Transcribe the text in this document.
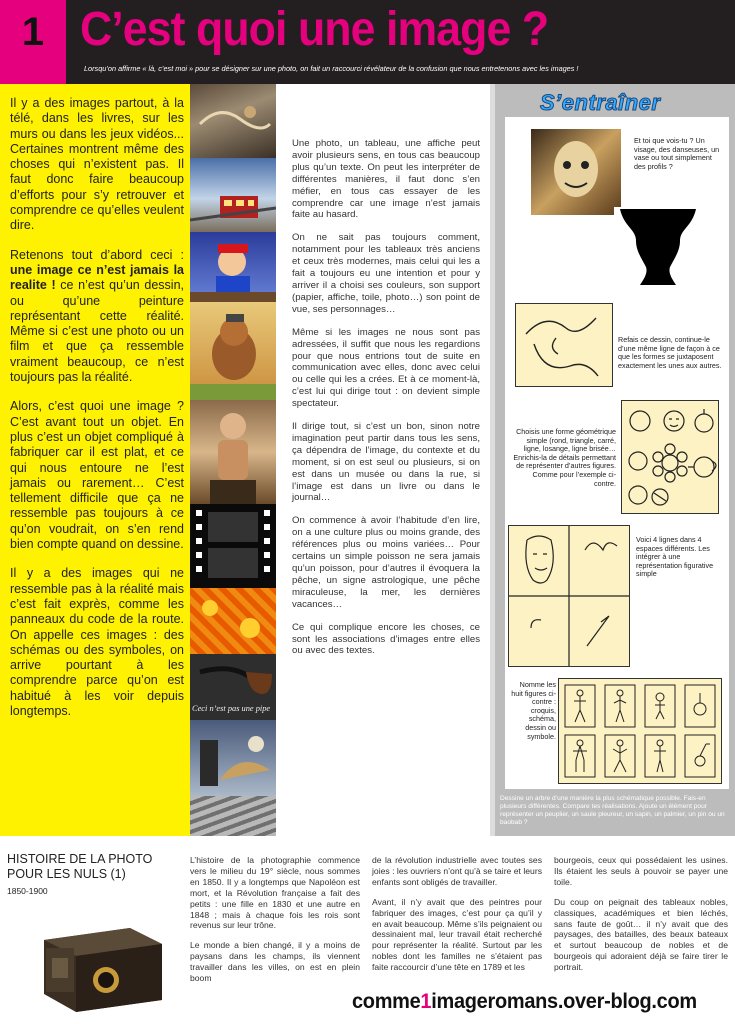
1 C’est quoi une image ?
Lorsqu’on affirme « là, c’est moi » pour se désigner sur une photo, on fait un raccourci révélateur de la confusion que nous entretenons avec les images !

Il y a des images partout, à la télé, dans les livres, sur les murs ou dans les jeux vidéos... Certaines montrent même des choses qui n’existent pas. Il faut donc faire beaucoup d’efforts pour s’y retrouver et comprendre ce qu’elles veulent dire.

Retenons tout d’abord ceci : une image ce n’est jamais la realite ! ce n’est qu’un dessin, ou qu’une peinture représentant cette réalité. Même si c’est une photo ou un film et que ça ressemble vraiment beaucoup, ce n’est toujours pas la réalité.

Alors, c’est quoi une image ? C’est avant tout un objet. En plus c’est un objet compliqué à fabriquer car il est plat, et ce qui nous entoure ne l’est jamais ou rarement… C’est tellement difficile que ça ne ressemble pas toujours à ce qu’on voudrait, on s’en rend bien compte quand on dessine.

Il y a des images qui ne ressemble pas à la réalité mais c’est fait exprès, comme les panneaux du code de la route. On appelle ces images : des schémas ou des symboles, on arrive pourtant à les comprendre parce qu’on est habitué à les voir depuis longtemps.	Ceci n’est pas une pipe

Une photo, un tableau, une affiche peut avoir plusieurs sens, en tous cas beaucoup plus qu’un texte. On peut les interpréter de différentes manières, il faut donc s’en méfier, en tous cas essayer de les comprendre car une image n’est jamais faite au hasard.

On ne sait pas toujours comment, notamment pour les tableaux très anciens et ceux très modernes, mais celui qui les a fait a toujours eu une intention et pour y arriver il a choisi ses couleurs, son support (papier, affiche, toile, photo…) son point de vue, ses personnages…

Même si les images ne nous sont pas adressées, il suffit que nous les regardions pour que nous entrions tout de suite en communication avec elles, donc avec celui ou celle qui les a crées. Et à ce moment-là, c’est lui qui dirige tout : on devient simple spectateur.

Il dirige tout, si c’est un bon, sinon notre imagination peut partir dans tous les sens, ça dépendra de l’image, du contexte et du moment, si on est seul ou plusieurs, si on est dans un musée ou dans la rue, si l’image est dans un livre ou dans le journal…

On commence à avoir l’habitude d’en lire, on a une culture plus ou moins grande, des références plus ou moins variées… Pour certains un simple poisson ne sera jamais qu’un poisson, pour d’autres il évoquera la pêche, un signe astrologique, une pêche miraculeuse, la mer, les dernières vacances…

Ce qui complique encore les choses, ce sont les associations d’images entre elles ou avec des textes.

S’entraîner
Et toi que vois-tu ? Un visage, des danseuses, un vase ou tout simplement des profils ?
Refais ce dessin, continue-le d’une même ligne de façon à ce que les formes se juxtaposent exactement les unes aux autres.
Choisis une forme géométrique simple (rond, triangle, carré, ligne, losange, ligne brisée… Enrichis-la de détails permettant de représenter d’autres figures. Comme pour l’exemple ci-contre.
Voici 4 lignes dans 4 espaces différents. Les intégrer à une représentation figurative simple
Nomme les huit figures ci-contre : croquis, schéma, dessin ou symbole.
Dessine un arbre d’une manière la plus schématique possible. Fais-en plusieurs différentes. Compare tes réalisations. Ajoute un élément pour représenter un peuplier, un saule pleureur, un sapin, un palmier, un pin ou un baobab ?
HISTOIRE DE LA PHOTO POUR LES NULS (1)
1850-1900

L’histoire de la photographie commence vers le milieu du 19° siècle, nous sommes en 1850. Il y a longtemps que Napoléon est mort, et la Révolution française a fait des petits : une fille en 1830 et une autre en 1848 ; mais à chaque fois les rois sont revenus sur leur trône.

Le monde a bien changé, il y a moins de paysans dans les champs, ils viennent travailler dans les villes, on est en plein boom

de la révolution industrielle avec toutes ses joies : les ouvriers n’ont qu’à se taire et leurs enfants sont obligés de travailler.

Avant, il n’y avait que des peintres pour fabriquer des images, c’est pour ça qu’il y en avait beaucoup. Même s’ils peignaient ou dessinaient mal, leur travail était recherché pour représenter la réalité. Surtout par les nobles dont les familles ne s’étaient pas faite raccourcir d’une tête en 1789 et les

bourgeois, ceux qui possédaient les usines. Ils étaient les seuls à pouvoir se payer une toile.

Du coup on peignait des tableaux nobles, classiques, académiques et bien léchés, sans faute de goût… il n’y avait que des paysages, des batailles, des beaux bateaux et surtout beaucoup de nobles et de bourgeois qui adoraient déjà se faire tirer le portrait.

comme1imageromans.over-blog.com
